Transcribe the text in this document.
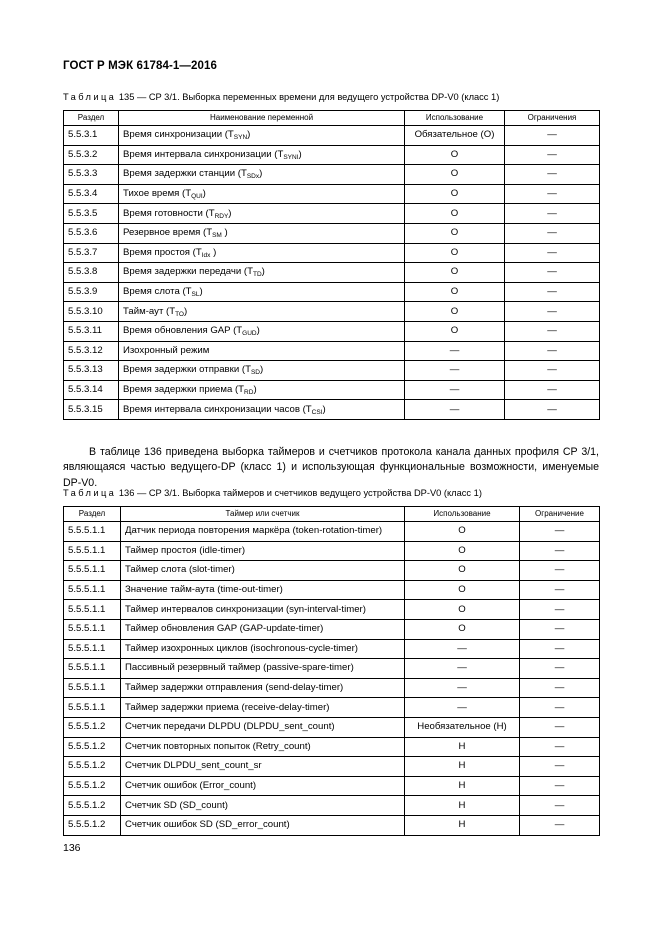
ГОСТ Р МЭК 61784-1—2016
Таблица 135 — CP 3/1. Выборка переменных времени для ведущего устройства DP-V0 (класс 1)
Раздел	Наименование переменной	Использование	Ограничения
5.5.3.1	Время синхронизации $(T_{SYN})$	Обязательное (О)	—
5.5.3.2	Время интервала синхронизации $(T_{SYNI})$	О	—
5.5.3.3	Время задержки станции $(T_{SDx})$	О	—
5.5.3.4	Тихое время $(T_{QUI})$	О	—
5.5.3.5	Время готовности $(T_{RDY})$	О	—
5.5.3.6	Резервное время ($T_{SM}$ )	О	—
5.5.3.7	Время простоя ($T_{Idx}$ )	О	—
5.5.3.8	Время задержки передачи $(T_{TD})$	О	—
5.5.3.9	Время слота $(T_{SL})$	О	—
5.5.3.10	Тайм-аут $(T_{TO})$	О	—
5.5.3.11	Время обновления GAP $(T_{GUD})$	О	—
5.5.3.12	Изохронный режим	—	—
5.5.3.13	Время задержки отправки $(T_{SD})$	—	—
5.5.3.14	Время задержки приема $(T_{RD})$	—	—
5.5.3.15	Время интервала синхронизации часов $(T_{CSI})$	—	—

В таблице 136 приведена выборка таймеров и счетчиков протокола канала данных профиля CP 3/1, являющаяся частью ведущего-DP (класс 1) и использующая функциональные возможности, именуемые DP-V0.

Таблица 136 — CP 3/1. Выборка таймеров и счетчиков ведущего устройства DP-V0 (класс 1)
Раздел	Таймер или счетчик	Использование	Ограничение
5.5.5.1.1	Датчик периода повторения маркёра (token-rotation-timer)	О	—
5.5.5.1.1	Таймер простоя (idle-timer)	О	—
5.5.5.1.1	Таймер слота (slot-timer)	О	—
5.5.5.1.1	Значение тайм-аута (time-out-timer)	О	—
5.5.5.1.1	Таймер интервалов синхронизации (syn-interval-timer)	О	—
5.5.5.1.1	Таймер обновления GAP (GAP-update-timer)	О	—
5.5.5.1.1	Таймер изохронных циклов (isochronous-cycle-timer)	—	—
5.5.5.1.1	Пассивный резервный таймер (passive-spare-timer)	—	—
5.5.5.1.1	Таймер задержки отправления (send-delay-timer)	—	—
5.5.5.1.1	Таймер задержки приема (receive-delay-timer)	—	—
5.5.5.1.2	Счетчик передачи DLPDU (DLPDU_sent_count)	Необязательное (Н)	—
5.5.5.1.2	Счетчик повторных попыток (Retry_count)	Н	—
5.5.5.1.2	Счетчик DLPDU_sent_count_sr	Н	—
5.5.5.1.2	Счетчик ошибок (Error_count)	Н	—
5.5.5.1.2	Счетчик SD (SD_count)	Н	—
5.5.5.1.2	Счетчик ошибок SD (SD_error_count)	Н	—
136
